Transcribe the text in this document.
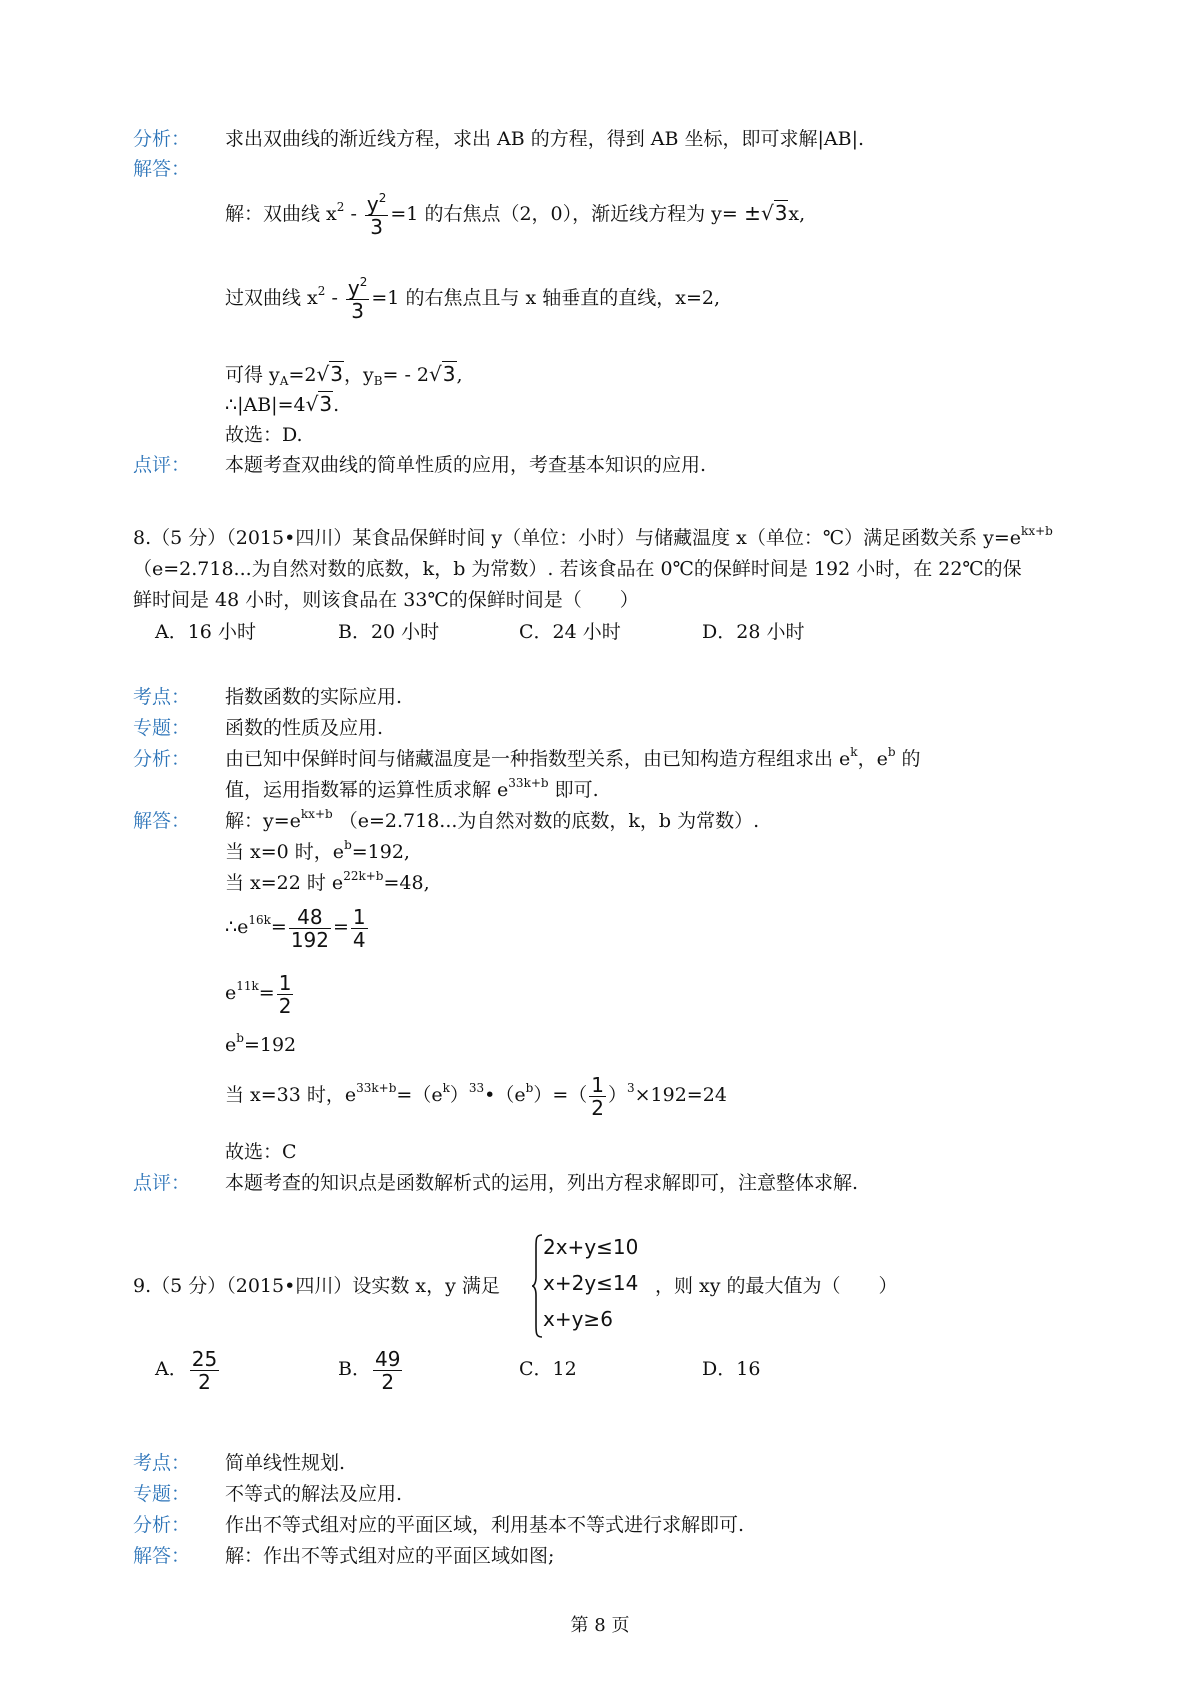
分析： 求出双曲线的渐近线方程，求出 AB 的方程，得到 AB 坐标，即可求解|AB|.
解答：
解：双曲线 $x^2 - \frac{y^2}{3} =1$ 的右焦点（2，0），渐近线方程为 y= ±√3x,
过双曲线 $x^2 - \frac{y^2}{3} =1$ 的右焦点且与 x 轴垂直的直线，x=2,
可得 $y_A=2√3$，$y_B= - 2√3$,
∴|AB|=4√3.
故选：D.
点评： 本题考查双曲线的简单性质的应用，考查基本知识的应用.
8.（5 分）（2015•四川）某食品保鲜时间 y（单位：小时）与储藏温度 x（单位：℃）满足函数关系 $y=e^{kx+b}$
（e=2.718...为自然对数的底数，k，b 为常数）. 若该食品在 0℃的保鲜时间是 192 小时，在 22℃的保
鲜时间是 48 小时，则该食品在 33℃的保鲜时间是（　　）
A．16 小时	B．20 小时	C．24 小时	D．28 小时
考点： 指数函数的实际应用.
专题： 函数的性质及应用.
分析： 由已知中保鲜时间与储藏温度是一种指数型关系，由已知构造方程组求出 $e^k$，$e^b$ 的
值，运用指数幂的运算性质求解 $e^{33k+b}$ 即可.
解答： 解：$y=e^{kx+b}$ （e=2.718...为自然对数的底数，k，b 为常数）.
当 x=0 时，$e^b=192$,
当 x=22 时 $e^{22k+b}=48$,
$\therefore e^{16k}= \frac{48}{192} = \frac{1}{4}$
$e^{11k}= \frac{1}{2}$
$e^b=192$
当 x=33 时，$e^{33k+b}=(e^k)^{33}•(e^b)=( \frac{1}{2} )^3\times 192=24$
故选：C
点评： 本题考查的知识点是函数解析式的运用，列出方程求解即可，注意整体求解.
9.（5 分）（2015•四川）设实数 x，y 满足
2x+y≤10
x+2y≤14
x+y≥6
，则 xy 的最大值为（　　）
A． $\frac{25}{2}$	B． $\frac{49}{2}$	C．12	D．16
考点： 简单线性规划.
专题： 不等式的解法及应用.
分析： 作出不等式组对应的平面区域，利用基本不等式进行求解即可.
解答： 解：作出不等式组对应的平面区域如图;
第 8 页
